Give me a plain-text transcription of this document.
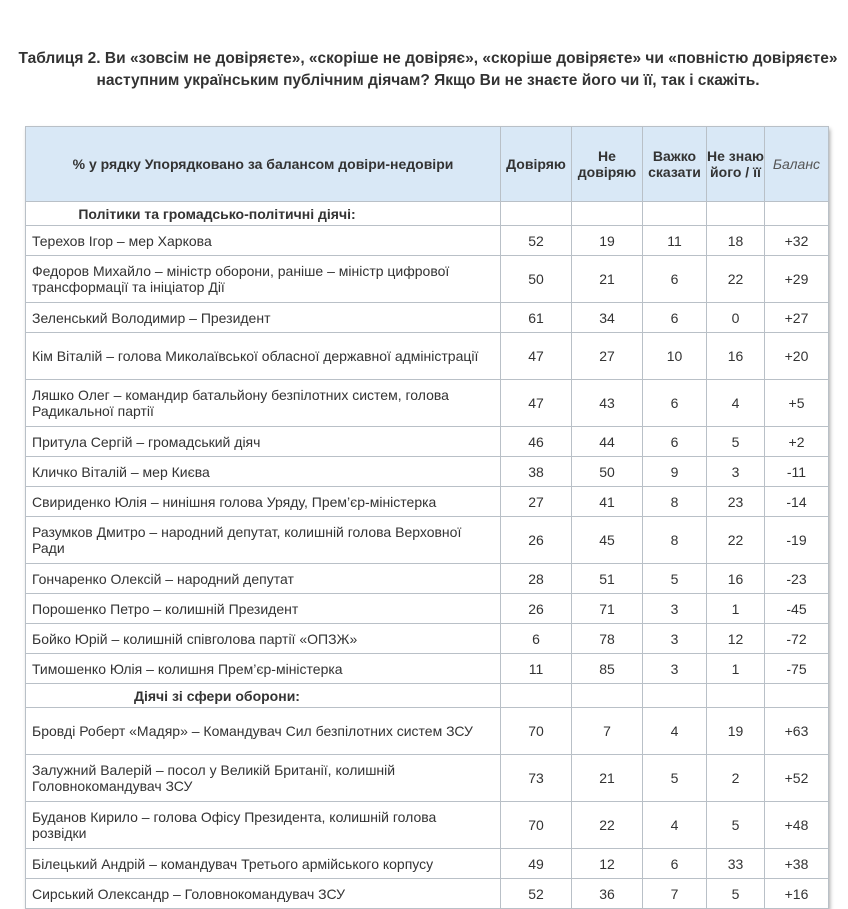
Таблиця 2. Ви «зовсім не довіряєте», «скоріше не довіряє», «скоріше довіряєте» чи «повністю довіряєте» наступним українським публічним діячам? Якщо Ви не знаєте його чи її, так і скажіть.
% у рядку Упорядковано за балансом довіри-недовіри	Довіряю	Не довіряю	Важко сказати	Не знаю його / її	Баланс
Політики та громадсько-політичні діячі:					
Терехов Ігор – мер Харкова	52	19	11	18	+32
Федоров Михайло – міністр оборони, раніше – міністр цифрової трансформації та ініціатор Дії	50	21	6	22	+29
Зеленський Володимир – Президент	61	34	6	0	+27
Кім Віталій – голова Миколаївської обласної державної адміністрації	47	27	10	16	+20
Ляшко Олег – командир батальйону безпілотних систем, голова Радикальної партії	47	43	6	4	+5
Притула Сергій – громадський діяч	46	44	6	5	+2
Кличко Віталій – мер Києва	38	50	9	3	-11
Свириденко Юлія – нинішня голова Уряду, Прем’єр-міністерка	27	41	8	23	-14
Разумков Дмитро – народний депутат, колишній голова Верховної Ради	26	45	8	22	-19
Гончаренко Олексій – народний депутат	28	51	5	16	-23
Порошенко Петро – колишній Президент	26	71	3	1	-45
Бойко Юрій – колишній співголова партії «ОПЗЖ»	6	78	3	12	-72
Тимошенко Юлія – колишня Прем’єр-міністерка	11	85	3	1	-75
Діячі зі сфери оборони:					
Бровді Роберт «Мадяр» – Командувач Сил безпілотних систем ЗСУ	70	7	4	19	+63
Залужний Валерій – посол у Великій Британії, колишній Головнокомандувач ЗСУ	73	21	5	2	+52
Буданов Кирило – голова Офісу Президента, колишній голова розвідки	70	22	4	5	+48
Білецький Андрій – командувач Третього армійського корпусу	49	12	6	33	+38
Сирський Олександр – Головнокомандувач ЗСУ	52	36	7	5	+16
